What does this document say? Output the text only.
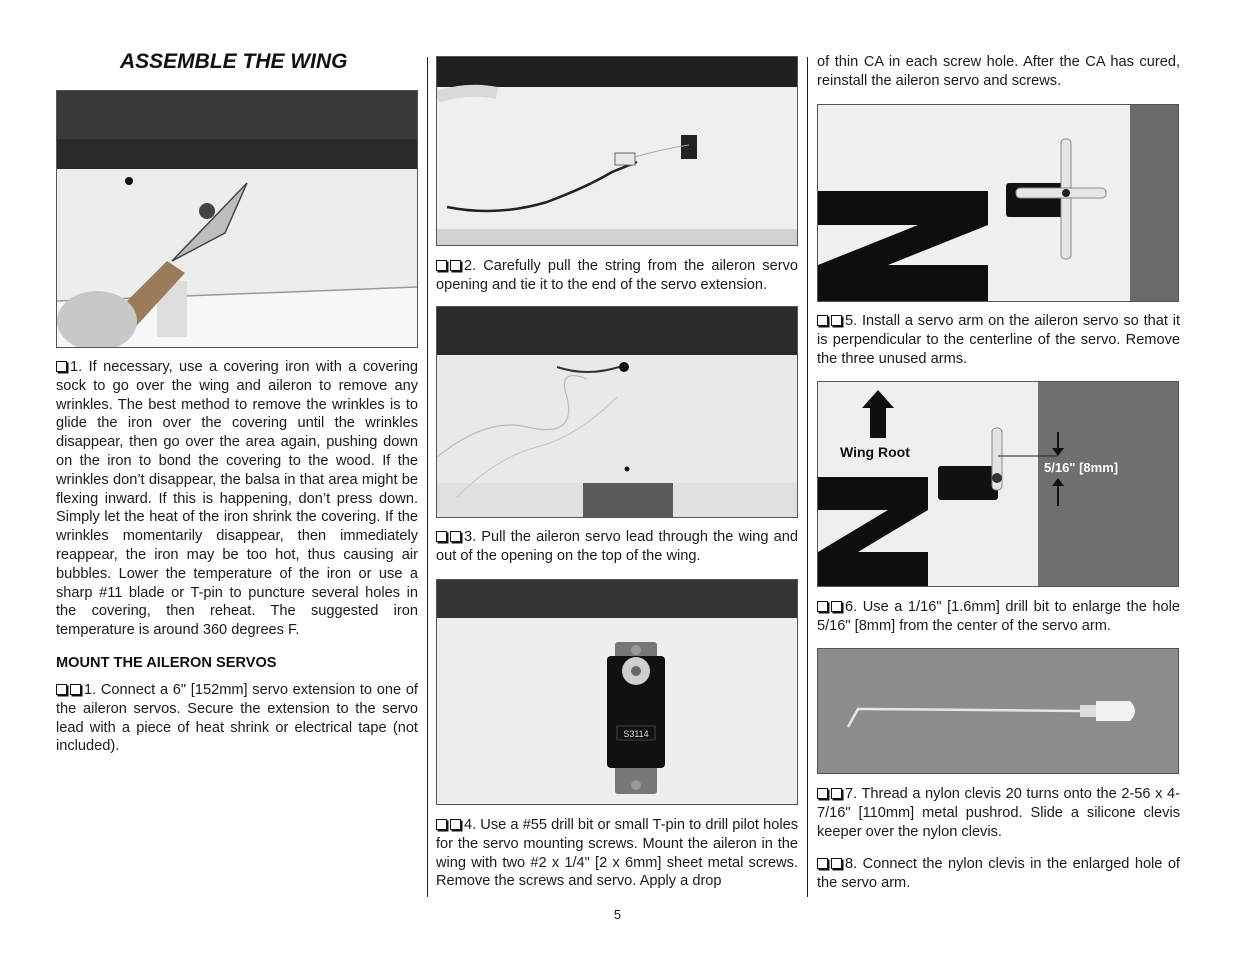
ASSEMBLE THE WING

1. If necessary, use a covering iron with a covering sock to go over the wing and aileron to remove any wrinkles. The best method to remove the wrinkles is to glide the iron over the covering until the wrinkles disappear, then go over the area again, pushing down on the iron to bond the covering to the wood. If the wrinkles don’t disappear, the balsa in that area might be flexing inward. If this is happening, don’t press down. Simply let the heat of the iron shrink the covering. If the wrinkles momentarily disappear, then immediately reappear, the iron may be too hot, thus causing air bubbles. Lower the temperature of the iron or use a sharp #11 blade or T-pin to puncture several holes in the covering, then reheat. The suggested iron temperature is around 360 degrees F.

MOUNT THE AILERON SERVOS

1. Connect a 6" [152mm] servo extension to one of the aileron servos. Secure the extension to the servo lead with a piece of heat shrink or electrical tape (not included).

2. Carefully pull the string from the aileron servo opening and tie it to the end of the servo extension.

3. Pull the aileron servo lead through the wing and out of the opening on the top of the wing.

S3114

4. Use a #55 drill bit or small T-pin to drill pilot holes for the servo mounting screws. Mount the aileron in the wing with two #2 x 1/4" [2 x 6mm] sheet metal screws. Remove the screws and servo. Apply a drop

of thin CA in each screw hole. After the CA has cured, reinstall the aileron servo and screws.

5. Install a servo arm on the aileron servo so that it is perpendicular to the centerline of the servo. Remove the three unused arms.

Wing Root
5/16" [8mm]

6. Use a 1/16" [1.6mm] drill bit to enlarge the hole 5/16" [8mm] from the center of the servo arm.

7. Thread a nylon clevis 20 turns onto the 2-56 x 4-7/16" [110mm] metal pushrod. Slide a silicone clevis keeper over the nylon clevis.

8. Connect the nylon clevis in the enlarged hole of the servo arm.

5
